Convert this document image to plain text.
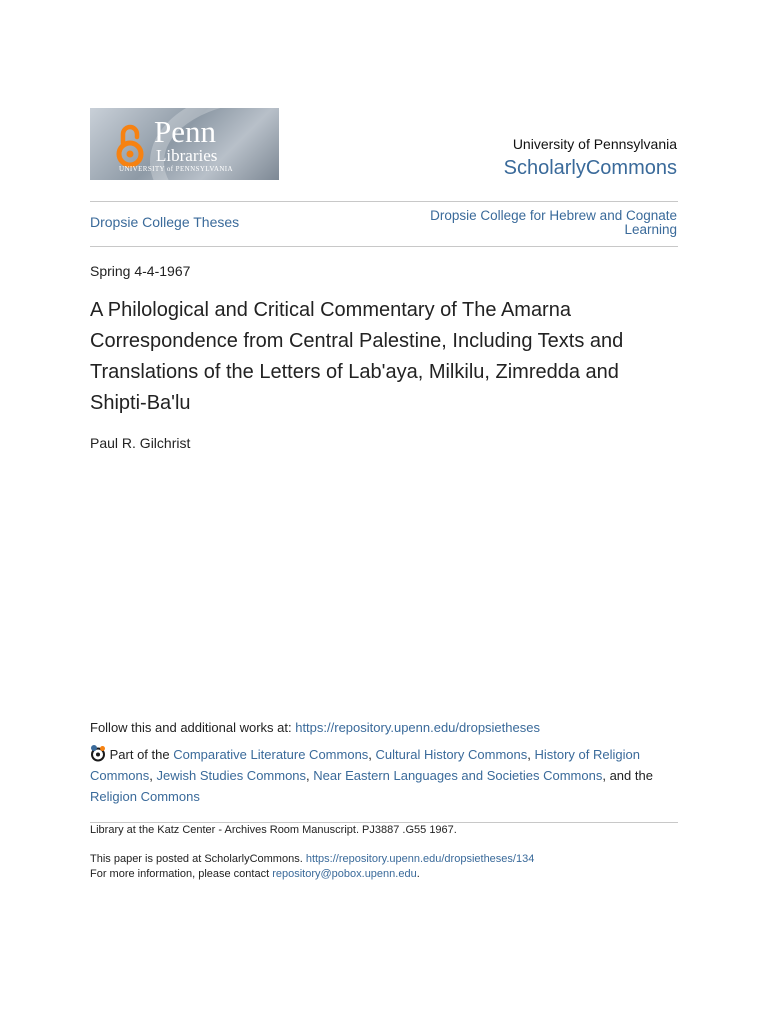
Penn
Libraries
UNIVERSITY of PENNSYLVANIA
University of Pennsylvania
ScholarlyCommons
Dropsie College Theses	Dropsie College for Hebrew and Cognate Learning
Spring 4-4-1967
A Philological and Critical Commentary of The Amarna Correspondence from Central Palestine, Including Texts and Translations of the Letters of Lab'aya, Milkilu, Zimredda and Shipti-Ba'lu
Paul R. Gilchrist
Follow this and additional works at: https://repository.upenn.edu/dropsietheses
Part of the Comparative Literature Commons, Cultural History Commons, History of Religion Commons, Jewish Studies Commons, Near Eastern Languages and Societies Commons, and the Religion Commons
Library at the Katz Center - Archives Room Manuscript. PJ3887 .G55 1967.
This paper is posted at ScholarlyCommons. https://repository.upenn.edu/dropsietheses/134
For more information, please contact repository@pobox.upenn.edu.
